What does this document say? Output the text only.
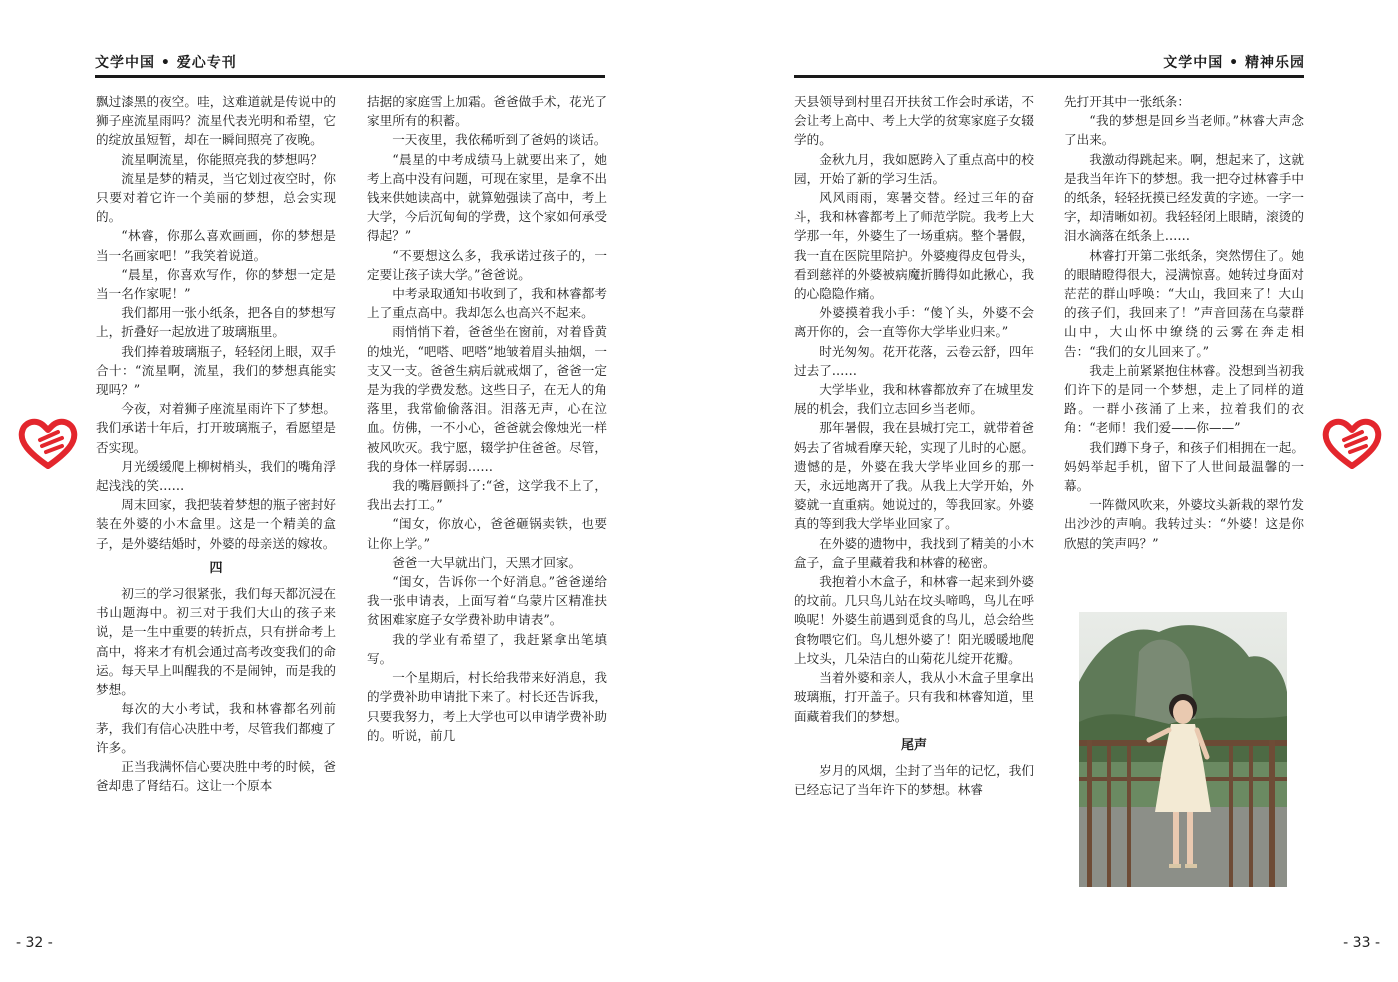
文学中国 • 爱心专刊

飘过漆黑的夜空。哇，这难道就是传说中的狮子座流星雨吗？流星代表光明和希望，它的绽放虽短暂，却在一瞬间照亮了夜晚。

流星啊流星，你能照亮我的梦想吗？

流星是梦的精灵，当它划过夜空时，你只要对着它许一个美丽的梦想，总会实现的。

“林睿，你那么喜欢画画，你的梦想是当一名画家吧！”我笑着说道。

“晨星，你喜欢写作，你的梦想一定是当一名作家呢！”

我们都用一张小纸条，把各自的梦想写上，折叠好一起放进了玻璃瓶里。

我们捧着玻璃瓶子，轻轻闭上眼，双手合十：“流星啊，流星，我们的梦想真能实现吗？”

今夜，对着狮子座流星雨许下了梦想。我们承诺十年后，打开玻璃瓶子，看愿望是否实现。

月光缓缓爬上柳树梢头，我们的嘴角浮起浅浅的笑……

周末回家，我把装着梦想的瓶子密封好装在外婆的小木盒里。这是一个精美的盒子，是外婆结婚时，外婆的母亲送的嫁妆。

四

初三的学习很紧张，我们每天都沉浸在书山题海中。初三对于我们大山的孩子来说，是一生中重要的转折点，只有拼命考上高中，将来才有机会通过高考改变我们的命运。每天早上叫醒我的不是闹钟，而是我的梦想。

每次的大小考试，我和林睿都名列前茅，我们有信心决胜中考，尽管我们都瘦了许多。

正当我满怀信心要决胜中考的时候，爸爸却患了肾结石。这让一个原本

拮据的家庭雪上加霜。爸爸做手术，花光了家里所有的积蓄。

一天夜里，我依稀听到了爸妈的谈话。

“晨星的中考成绩马上就要出来了，她考上高中没有问题，可现在家里，是拿不出钱来供她读高中，就算勉强读了高中，考上大学，今后沉甸甸的学费，这个家如何承受得起？”

“不要想这么多，我承诺过孩子的，一定要让孩子读大学。”爸爸说。

中考录取通知书收到了，我和林睿都考上了重点高中。我却怎么也高兴不起来。

雨悄悄下着，爸爸坐在窗前，对着昏黄的烛光，“吧嗒、吧嗒”地皱着眉头抽烟，一支又一支。爸爸生病后就戒烟了，爸爸一定是为我的学费发愁。这些日子，在无人的角落里，我常偷偷落泪。泪落无声，心在泣血。仿佛，一不小心，爸爸就会像烛光一样被风吹灭。我宁愿，辍学护住爸爸。尽管，我的身体一样孱弱……

我的嘴唇颤抖了:“爸，这学我不上了，我出去打工。”

“闺女，你放心，爸爸砸锅卖铁，也要让你上学。”

爸爸一大早就出门，天黑才回家。

“闺女，告诉你一个好消息。”爸爸递给我一张申请表，上面写着“乌蒙片区精准扶贫困难家庭子女学费补助申请表”。

我的学业有希望了，我赶紧拿出笔填写。

一个星期后，村长给我带来好消息，我的学费补助申请批下来了。村长还告诉我，只要我努力，考上大学也可以申请学费补助的。听说，前几

- 32 -
文学中国 • 精神乐园

天县领导到村里召开扶贫工作会时承诺，不会让考上高中、考上大学的贫寒家庭子女辍学的。

金秋九月，我如愿跨入了重点高中的校园，开始了新的学习生活。

风风雨雨，寒暑交替。经过三年的奋斗，我和林睿都考上了师范学院。我考上大学那一年，外婆生了一场重病。整个暑假，我一直在医院里陪护。外婆瘦得皮包骨头，看到慈祥的外婆被病魔折腾得如此揪心，我的心隐隐作痛。

外婆摸着我小手：“傻丫头，外婆不会离开你的，会一直等你大学毕业归来。”

时光匆匆。花开花落，云卷云舒，四年过去了……

大学毕业，我和林睿都放弃了在城里发展的机会，我们立志回乡当老师。

那年暑假，我在县城打完工，就带着爸妈去了省城看摩天轮，实现了儿时的心愿。遗憾的是，外婆在我大学毕业回乡的那一天，永远地离开了我。从我上大学开始，外婆就一直重病。她说过的，等我回家。外婆真的等到我大学毕业回家了。

在外婆的遗物中，我找到了精美的小木盒子，盒子里藏着我和林睿的秘密。

我抱着小木盒子，和林睿一起来到外婆的坟前。几只鸟儿站在坟头啼鸣，鸟儿在呼唤呢！外婆生前遇到觅食的鸟儿，总会给些食物喂它们。鸟儿想外婆了！阳光暖暖地爬上坟头，几朵洁白的山菊花儿绽开花瓣。

当着外婆和亲人，我从小木盒子里拿出玻璃瓶，打开盖子。只有我和林睿知道，里面藏着我们的梦想。

尾声

岁月的风烟，尘封了当年的记忆，我们已经忘记了当年许下的梦想。林睿

先打开其中一张纸条：

“我的梦想是回乡当老师。”林睿大声念了出来。

我激动得跳起来。啊，想起来了，这就是我当年许下的梦想。我一把夺过林睿手中的纸条，轻轻抚摸已经发黄的字迹。一字一字，却清晰如初。我轻轻闭上眼睛，滚烫的泪水滴落在纸条上……

林睿打开第二张纸条，突然愣住了。她的眼睛瞪得很大，浸满惊喜。她转过身面对茫茫的群山呼唤：“大山，我回来了！大山的孩子们，我回来了！”声音回荡在乌蒙群山中，大山怀中缭绕的云雾在奔走相告：“我们的女儿回来了。”

我走上前紧紧抱住林睿。没想到当初我们许下的是同一个梦想，走上了同样的道路。一群小孩涌了上来，拉着我们的衣角：“老师！我们爱——你——”

我们蹲下身子，和孩子们相拥在一起。妈妈举起手机，留下了人世间最温馨的一幕。

一阵微风吹来，外婆坟头新栽的翠竹发出沙沙的声响。我转过头：“外婆！这是你欣慰的笑声吗？”

- 33 -
